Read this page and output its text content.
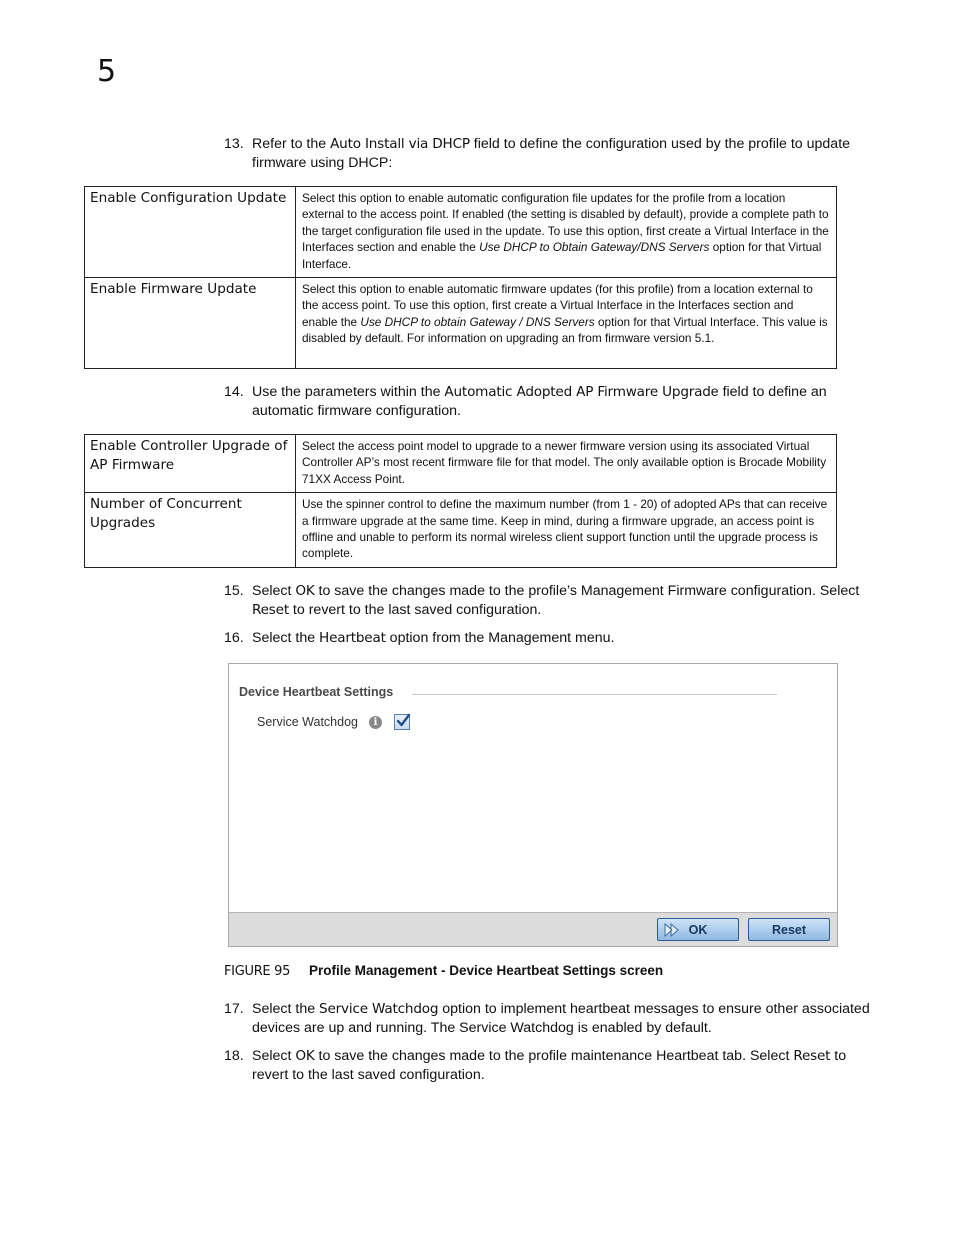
5
13. Refer to the Auto Install via DHCP field to define the configuration used by the profile to update firmware using DHCP:
Enable Configuration Update	Select this option to enable automatic configuration file updates for the profile from a location external to the access point. If enabled (the setting is disabled by default), provide a complete path to the target configuration file used in the update. To use this option, first create a Virtual Interface in the Interfaces section and enable the Use DHCP to Obtain Gateway/DNS Servers option for that Virtual Interface.
Enable Firmware Update	Select this option to enable automatic firmware updates (for this profile) from a location external to the access point. To use this option, first create a Virtual Interface in the Interfaces section and enable the Use DHCP to obtain Gateway / DNS Servers option for that Virtual Interface. This value is disabled by default. For information on upgrading an from firmware version 5.1.
14. Use the parameters within the Automatic Adopted AP Firmware Upgrade field to define an automatic firmware configuration.
Enable Controller Upgrade of AP Firmware	Select the access point model to upgrade to a newer firmware version using its associated Virtual Controller AP’s most recent firmware file for that model. The only available option is Brocade Mobility 71XX Access Point.
Number of Concurrent Upgrades	Use the spinner control to define the maximum number (from 1 - 20) of adopted APs that can receive a firmware upgrade at the same time. Keep in mind, during a firmware upgrade, an access point is offline and unable to perform its normal wireless client support function until the upgrade process is complete.
15. Select OK to save the changes made to the profile’s Management Firmware configuration. Select Reset to revert to the last saved configuration.
16. Select the Heartbeat option from the Management menu.
Device Heartbeat Settings
Service Watchdog	i
OK	Reset
FIGURE 95 Profile Management - Device Heartbeat Settings screen
17. Select the Service Watchdog option to implement heartbeat messages to ensure other associated devices are up and running. The Service Watchdog is enabled by default.
18. Select OK to save the changes made to the profile maintenance Heartbeat tab. Select Reset to revert to the last saved configuration.
